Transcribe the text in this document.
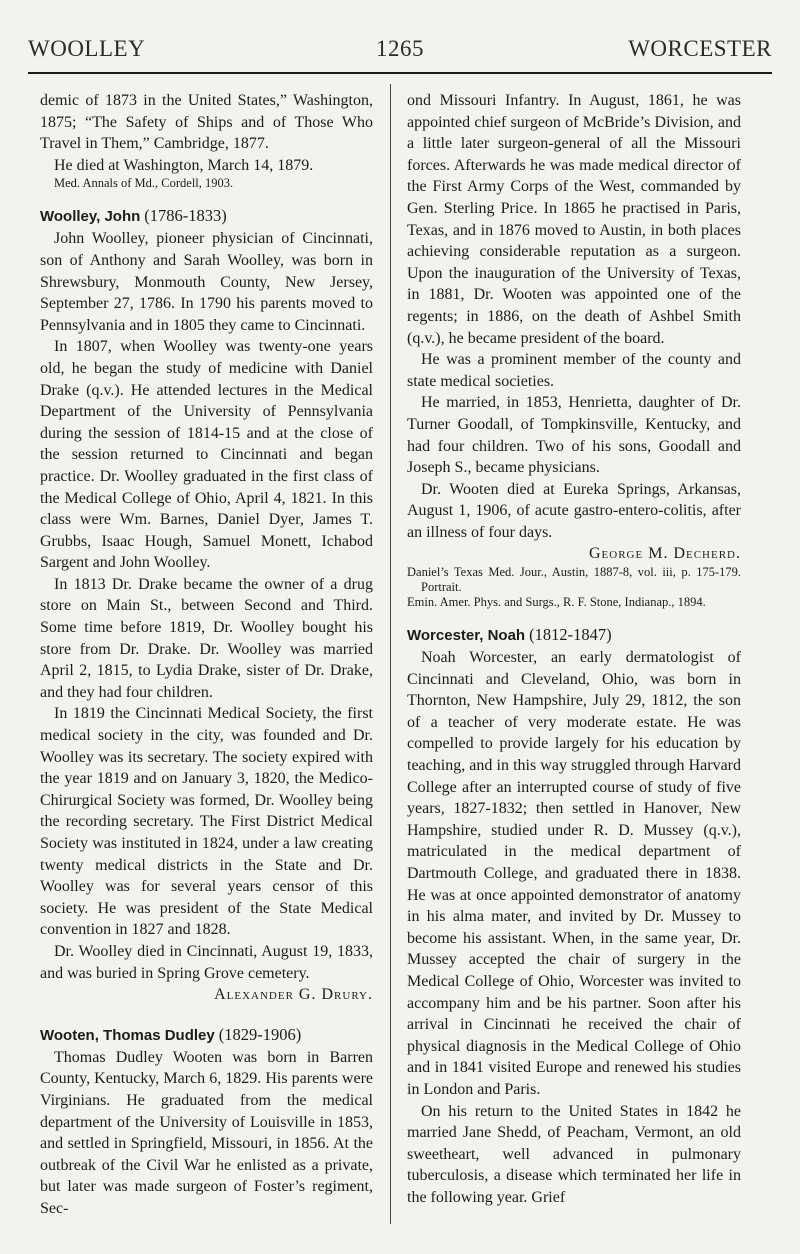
WOOLLEY	1265	WORCESTER

demic of 1873 in the United States,” Washington, 1875; “The Safety of Ships and of Those Who Travel in Them,” Cambridge, 1877.

He died at Washington, March 14, 1879.

Med. Annals of Md., Cordell, 1903.

Woolley, John (1786-1833)

John Woolley, pioneer physician of Cincinnati, son of Anthony and Sarah Woolley, was born in Shrewsbury, Monmouth County, New Jersey, September 27, 1786. In 1790 his parents moved to Pennsylvania and in 1805 they came to Cincinnati.

In 1807, when Woolley was twenty-one years old, he began the study of medicine with Daniel Drake (q.v.). He attended lectures in the Medical Department of the University of Pennsylvania during the session of 1814-15 and at the close of the session returned to Cincinnati and began practice. Dr. Woolley graduated in the first class of the Medical College of Ohio, April 4, 1821. In this class were Wm. Barnes, Daniel Dyer, James T. Grubbs, Isaac Hough, Samuel Monett, Ichabod Sargent and John Woolley.

In 1813 Dr. Drake became the owner of a drug store on Main St., between Second and Third. Some time before 1819, Dr. Woolley bought his store from Dr. Drake. Dr. Woolley was married April 2, 1815, to Lydia Drake, sister of Dr. Drake, and they had four children.

In 1819 the Cincinnati Medical Society, the first medical society in the city, was founded and Dr. Woolley was its secretary. The society expired with the year 1819 and on January 3, 1820, the Medico-Chirurgical Society was formed, Dr. Woolley being the recording secretary. The First District Medical Society was instituted in 1824, under a law creating twenty medical districts in the State and Dr. Woolley was for several years censor of this society. He was president of the State Medical convention in 1827 and 1828.

Dr. Woolley died in Cincinnati, August 19, 1833, and was buried in Spring Grove cemetery.

Alexander G. Drury.

Wooten, Thomas Dudley (1829-1906)

Thomas Dudley Wooten was born in Barren County, Kentucky, March 6, 1829. His parents were Virginians. He graduated from the medical department of the University of Louisville in 1853, and settled in Springfield, Missouri, in 1856. At the outbreak of the Civil War he enlisted as a private, but later was made surgeon of Foster’s regiment, Sec-

ond Missouri Infantry. In August, 1861, he was appointed chief surgeon of McBride’s Division, and a little later surgeon-general of all the Missouri forces. Afterwards he was made medical director of the First Army Corps of the West, commanded by Gen. Sterling Price. In 1865 he practised in Paris, Texas, and in 1876 moved to Austin, in both places achieving considerable reputation as a surgeon. Upon the inauguration of the University of Texas, in 1881, Dr. Wooten was appointed one of the regents; in 1886, on the death of Ashbel Smith (q.v.), he became president of the board.

He was a prominent member of the county and state medical societies.

He married, in 1853, Henrietta, daughter of Dr. Turner Goodall, of Tompkinsville, Kentucky, and had four children. Two of his sons, Goodall and Joseph S., became physicians.

Dr. Wooten died at Eureka Springs, Arkansas, August 1, 1906, of acute gastro-entero-colitis, after an illness of four days.

George M. Decherd.

Daniel’s Texas Med. Jour., Austin, 1887-8, vol. iii, p. 175-179. Portrait.

Emin. Amer. Phys. and Surgs., R. F. Stone, Indianap., 1894.

Worcester, Noah (1812-1847)

Noah Worcester, an early dermatologist of Cincinnati and Cleveland, Ohio, was born in Thornton, New Hampshire, July 29, 1812, the son of a teacher of very moderate estate. He was compelled to provide largely for his education by teaching, and in this way struggled through Harvard College after an interrupted course of study of five years, 1827-1832; then settled in Hanover, New Hampshire, studied under R. D. Mussey (q.v.), matriculated in the medical department of Dartmouth College, and graduated there in 1838. He was at once appointed demonstrator of anatomy in his alma mater, and invited by Dr. Mussey to become his assistant. When, in the same year, Dr. Mussey accepted the chair of surgery in the Medical College of Ohio, Worcester was invited to accompany him and be his partner. Soon after his arrival in Cincinnati he received the chair of physical diagnosis in the Medical College of Ohio and in 1841 visited Europe and renewed his studies in London and Paris.

On his return to the United States in 1842 he married Jane Shedd, of Peacham, Vermont, an old sweetheart, well advanced in pulmonary tuberculosis, a disease which terminated her life in the following year. Grief
